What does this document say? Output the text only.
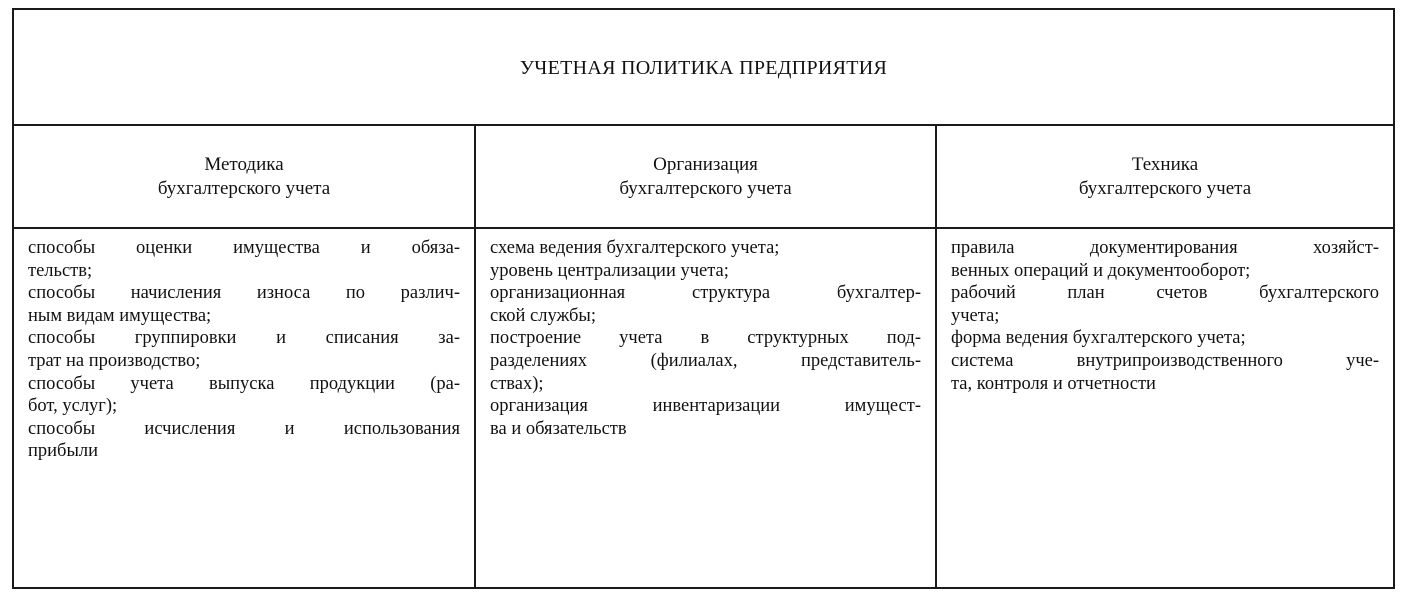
УЧЕТНАЯ ПОЛИТИКА ПРЕДПРИЯТИЯ
Методика
бухгалтерского учета
Организация
бухгалтерского учета
Техника
бухгалтерского учета
способы оценки имущества и обяза-
тельств;
способы начисления износа по различ-
ным видам имущества;
способы группировки и списания за-
трат на производство;
способы учета выпуска продукции (ра-
бот, услуг);
способы исчисления и использования
прибыли
схема ведения бухгалтерского учета;
уровень централизации учета;
организационная структура бухгалтер-
ской службы;
построение учета в структурных под-
разделениях (филиалах, представитель-
ствах);
организация инвентаризации имущест-
ва и обязательств
правила документирования хозяйст-
венных операций и документооборот;
рабочий план счетов бухгалтерского
учета;
форма ведения бухгалтерского учета;
система внутрипроизводственного уче-
та, контроля и отчетности
